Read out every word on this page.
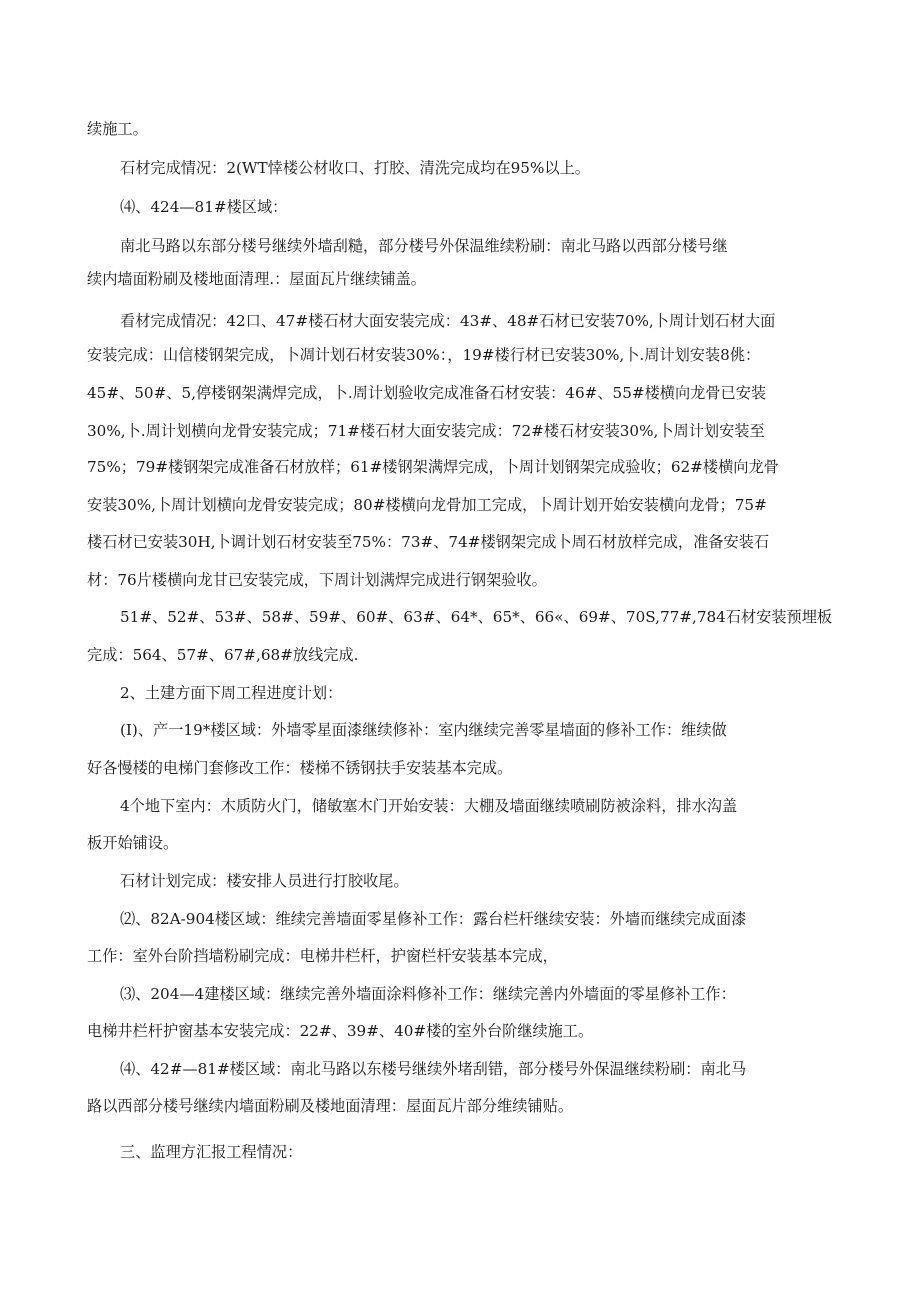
续施工。
石材完成情况：2(WT悻楼公材收口、打胶、清洗完成均在95%以上。
⑷、424—81#楼区域：
南北马路以东部分楼号继续外墙刮糙，部分楼号外保温维续粉刷：南北马路以西部分楼号继
续内墙面粉刷及楼地面清理.：屋面瓦片继续铺盖。
看材完成情况：42口、47#楼石材大面安装完成：43#、48#石材已安装70%,卜周计划石材大面
安装完成：山信楼钢架完成，卜凋计划石材安装30%：，19#楼行材已安装30%,卜.周计划安装8佻：
45#、50#、5,停楼钢架满焊完成，卜.周计划验收完成准备石材安装：46#、55#楼横向龙骨已安装
30%,卜.周计划横向龙骨安装完成；71#楼石材大面安装完成：72#楼石材安装30%,卜周计划安装至
75%；79#楼钢架完成准备石材放样；61#楼钢架满焊完成，卜周计划钢架完成验收；62#楼横向龙骨
安装30%,卜周计划横向龙骨安装完成；80#楼横向龙骨加工完成，卜周计划开始安装横向龙骨；75#
楼石材已安装30H,卜调计划石材安装至75%：73#、74#楼钢架完成卜周石材放样完成，准备安装石
材：76片楼横向龙甘已安装完成，下周计划满焊完成进行钢架验收。
51#、52#、53#、58#、59#、60#、63#、64*、65*、66«、69#、70S,77#,784石材安装预埋板
完成：564、57#、67#,68#放线完成.
2、土建方面下周工程进度计划：
(I)、产一19*楼区域：外墙零星面漆继续修补：室内继续完善零星墙面的修补工作：维续做
好各慢楼的电梯门套修改工作：楼梯不锈钢扶手安装基本完成。
4个地下室内：木质防火门，储敏塞木门开始安装：大棚及墙面继续喷刷防被涂料，排水沟盖
板开始铺设。
石材计划完成：楼安排人员进行打胶收尾。
⑵、82A-904楼区域：维续完善墙面零星修补工作：露台栏杆继续安装：外墙而继续完成面漆
工作：室外台阶挡墙粉刷完成：电梯井栏杆，护窗栏杆安装基本完成，
⑶、204—4建楼区域：继续完善外墙面涂料修补工作：继续完善内外墙面的零星修补工作：
电梯井栏杆护窗基本安装完成：22#、39#、40#楼的室外台阶继续施工。
⑷、42#—81#楼区域：南北马路以东楼号继续外堵刮错，部分楼号外保温继续粉刷：南北马
路以西部分楼号继续内墙面粉刷及楼地面清理：屋面瓦片部分维续铺贴。
三、监理方汇报工程情况：
